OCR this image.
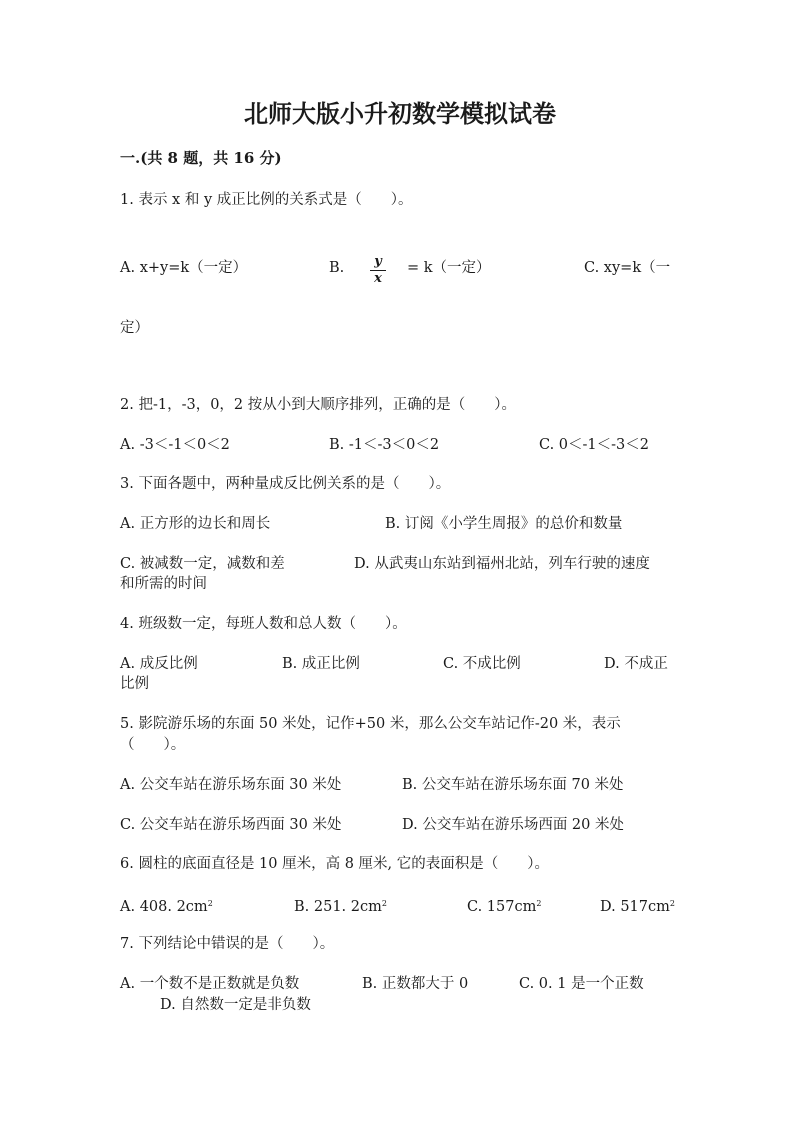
北师大版小升初数学模拟试卷
一.(共 8 题，共 16 分)
1. 表示 x 和 y 成正比例的关系式是（　　）。
A. x+y=k（一定）	B.	y
x
= k（一定）	C. xy=k（一
定）
2. 把-1，-3，0，2 按从小到大顺序排列，正确的是（　　）。
A. -3＜-1＜0＜2	B. -1＜-3＜0＜2	C. 0＜-1＜-3＜2
3. 下面各题中，两种量成反比例关系的是（　　）。
A. 正方形的边长和周长	B. 订阅《小学生周报》的总价和数量
C. 被减数一定，减数和差	D. 从武夷山东站到福州北站，列车行驶的速度
和所需的时间
4. 班级数一定，每班人数和总人数（　　）。
A. 成反比例	B. 成正比例	C. 不成比例	D. 不成正
比例
5. 影院游乐场的东面 50 米处，记作+50 米，那么公交车站记作-20 米，表示
（　　）。
A. 公交车站在游乐场东面 30 米处	B. 公交车站在游乐场东面 70 米处
C. 公交车站在游乐场西面 30 米处	D. 公交车站在游乐场西面 20 米处
6. 圆柱的底面直径是 10 厘米，高 8 厘米, 它的表面积是（　　）。
A. 408. $2cm^2$	B. 251. $2cm^2$	C. $157cm^2$	D. $517cm^2$
7. 下列结论中错误的是（　　）。
A. 一个数不是正数就是负数	B. 正数都大于 0	C. 0. 1 是一个正数
D. 自然数一定是非负数
